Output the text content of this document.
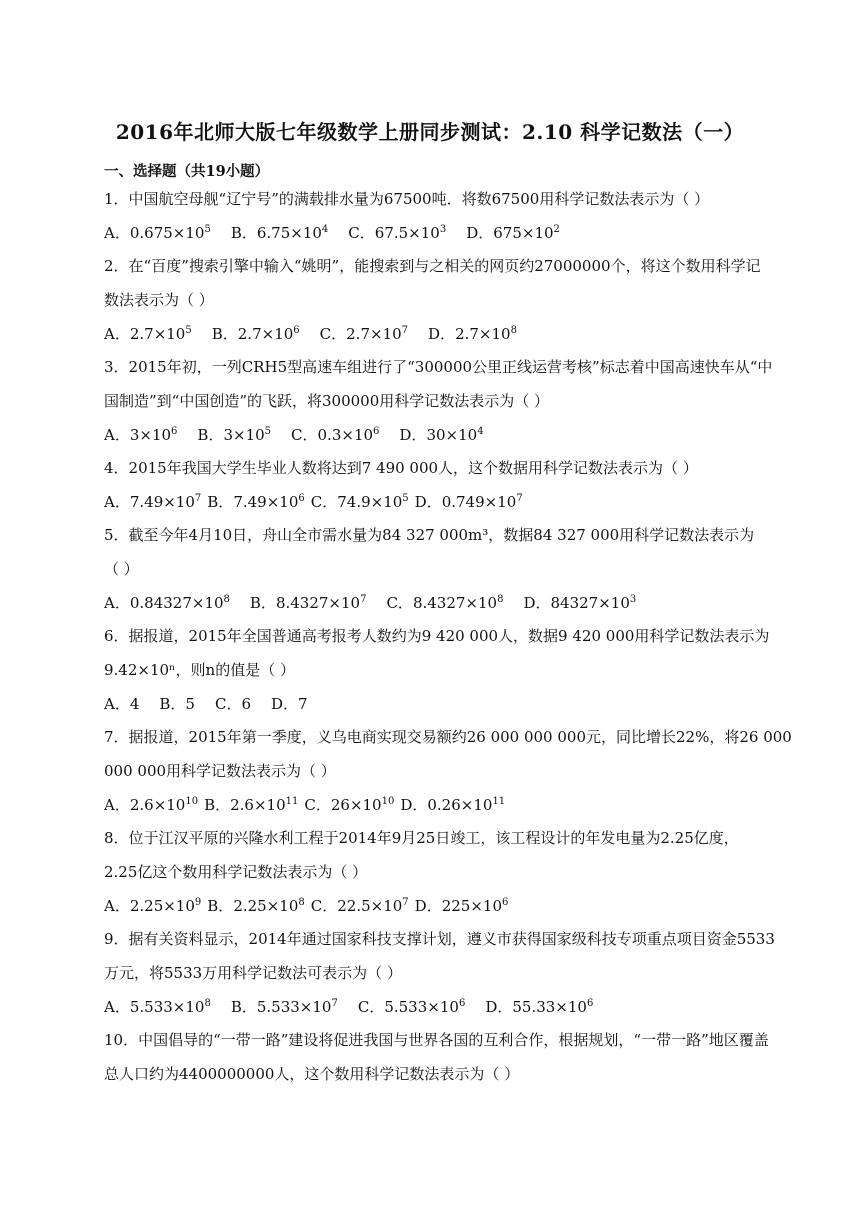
2016年北师大版七年级数学上册同步测试：2.10 科学记数法（一）
一、选择题（共19小题）
1．中国航空母舰“辽宁号”的满载排水量为67500吨．将数67500用科学记数法表示为（ ）
A．$0.675\times 10^5$ B．$6.75\times 10^4$ C．$67.5\times 10^3$ D．$675\times 10^2$
2．在“百度”搜索引擎中输入“姚明”，能搜索到与之相关的网页约27000000个，将这个数用科学记
数法表示为（ ）
A．$2.7\times 10^5$ B．$2.7\times 10^6$ C．$2.7\times 10^7$ D．$2.7\times 10^8$
3．2015年初，一列CRH5型高速车组进行了“300000公里正线运营考核”标志着中国高速快车从“中
国制造”到“中国创造”的飞跃，将300000用科学记数法表示为（ ）
A．$3\times 10^6$ B．$3\times 10^5$ C．$0.3\times 10^6$ D．$30\times 10^4$
4．2015年我国大学生毕业人数将达到7 490 000人，这个数据用科学记数法表示为（ ）
A．$7.49\times 10^7$ B．$7.49\times 10^6$ C．$74.9\times 10^5$ D．$0.749\times 10^7$
5．截至今年4月10日，舟山全市需水量为84 327 000m³，数据84 327 000用科学记数法表示为
（ ）
A．$0.84327\times 10^8$ B．$8.4327\times 10^7$ C．$8.4327\times 10^8$ D．$84327\times 10^3$
6．据报道，2015年全国普通高考报考人数约为9 420 000人，数据9 420 000用科学记数法表示为
9.42×10ⁿ，则n的值是（ ）
A．4 B．5 C．6 D．7
7．据报道，2015年第一季度，义乌电商实现交易额约26 000 000 000元，同比增长22%，将26 000
000 000用科学记数法表示为（ ）
A．$2.6\times 10^{10}$ B．$2.6\times 10^{11}$ C．$26\times 10^{10}$ D．$0.26\times 10^{11}$
8．位于江汉平原的兴隆水利工程于2014年9月25日竣工，该工程设计的年发电量为2.25亿度，
2.25亿这个数用科学记数法表示为（ ）
A．$2.25\times 10^9$ B．$2.25\times 10^8$ C．$22.5\times 10^7$ D．$225\times 10^6$
9．据有关资料显示，2014年通过国家科技支撑计划，遵义市获得国家级科技专项重点项目资金5533
万元，将5533万用科学记数法可表示为（ ）
A．$5.533\times 10^8$ B．$5.533\times 10^7$ C．$5.533\times 10^6$ D．$55.33\times 10^6$
10．中国倡导的“一带一路”建设将促进我国与世界各国的互利合作，根据规划，“一带一路”地区覆盖
总人口约为4400000000人，这个数用科学记数法表示为（ ）
